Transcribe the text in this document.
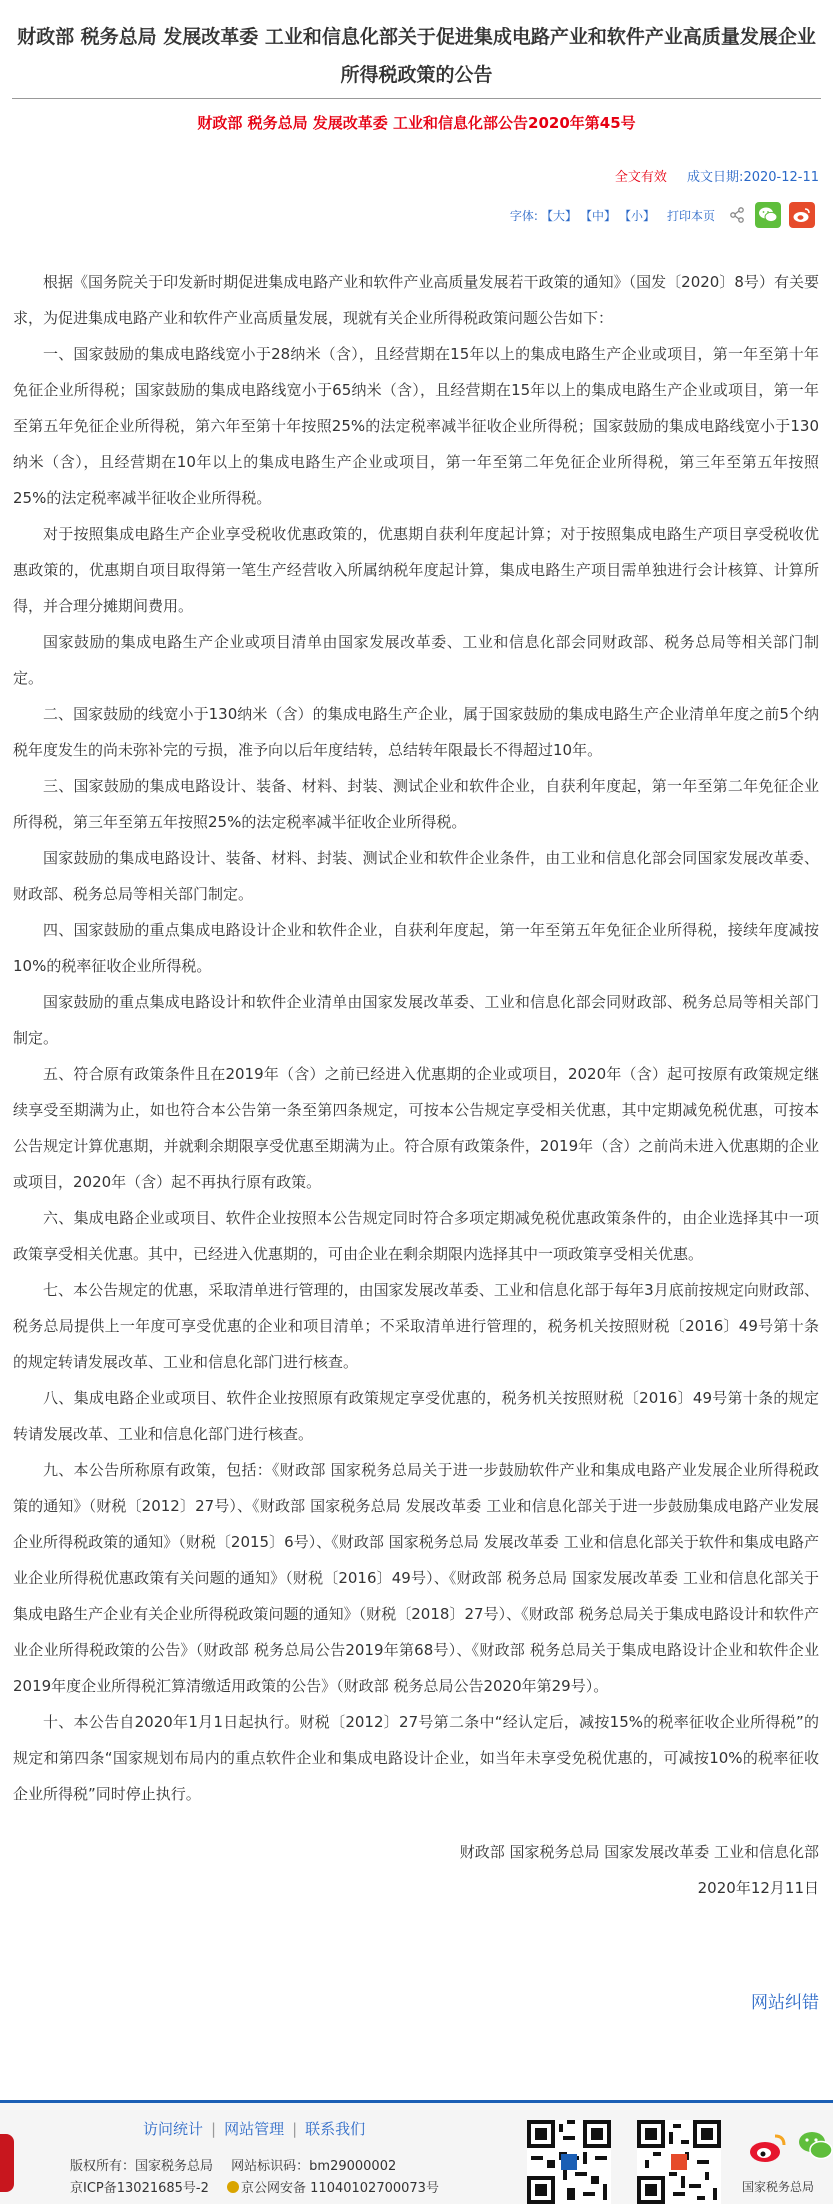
财政部 税务总局 发展改革委 工业和信息化部关于促进集成电路产业和软件产业高质量发展企业所得税政策的公告
财政部 税务总局 发展改革委 工业和信息化部公告2020年第45号
全文有效 成文日期:2020-12-11
字体: 【大】 【中】 【小】 打印本页

根据《国务院关于印发新时期促进集成电路产业和软件产业高质量发展若干政策的通知》（国发〔2020〕8号）有关要求，为促进集成电路产业和软件产业高质量发展，现就有关企业所得税政策问题公告如下：

一、国家鼓励的集成电路线宽小于28纳米（含），且经营期在15年以上的集成电路生产企业或项目，第一年至第十年免征企业所得税；国家鼓励的集成电路线宽小于65纳米（含），且经营期在15年以上的集成电路生产企业或项目，第一年至第五年免征企业所得税，第六年至第十年按照25%的法定税率减半征收企业所得税；国家鼓励的集成电路线宽小于130纳米（含），且经营期在10年以上的集成电路生产企业或项目，第一年至第二年免征企业所得税，第三年至第五年按照25%的法定税率减半征收企业所得税。

对于按照集成电路生产企业享受税收优惠政策的，优惠期自获利年度起计算；对于按照集成电路生产项目享受税收优惠政策的，优惠期自项目取得第一笔生产经营收入所属纳税年度起计算，集成电路生产项目需单独进行会计核算、计算所得，并合理分摊期间费用。

国家鼓励的集成电路生产企业或项目清单由国家发展改革委、工业和信息化部会同财政部、税务总局等相关部门制定。

二、国家鼓励的线宽小于130纳米（含）的集成电路生产企业，属于国家鼓励的集成电路生产企业清单年度之前5个纳税年度发生的尚未弥补完的亏损，准予向以后年度结转，总结转年限最长不得超过10年。

三、国家鼓励的集成电路设计、装备、材料、封装、测试企业和软件企业，自获利年度起，第一年至第二年免征企业所得税，第三年至第五年按照25%的法定税率减半征收企业所得税。

国家鼓励的集成电路设计、装备、材料、封装、测试企业和软件企业条件，由工业和信息化部会同国家发展改革委、财政部、税务总局等相关部门制定。

四、国家鼓励的重点集成电路设计企业和软件企业，自获利年度起，第一年至第五年免征企业所得税，接续年度减按10%的税率征收企业所得税。

国家鼓励的重点集成电路设计和软件企业清单由国家发展改革委、工业和信息化部会同财政部、税务总局等相关部门制定。

五、符合原有政策条件且在2019年（含）之前已经进入优惠期的企业或项目，2020年（含）起可按原有政策规定继续享受至期满为止，如也符合本公告第一条至第四条规定，可按本公告规定享受相关优惠，其中定期减免税优惠，可按本公告规定计算优惠期，并就剩余期限享受优惠至期满为止。符合原有政策条件，2019年（含）之前尚未进入优惠期的企业或项目，2020年（含）起不再执行原有政策。

六、集成电路企业或项目、软件企业按照本公告规定同时符合多项定期减免税优惠政策条件的，由企业选择其中一项政策享受相关优惠。其中，已经进入优惠期的，可由企业在剩余期限内选择其中一项政策享受相关优惠。

七、本公告规定的优惠，采取清单进行管理的，由国家发展改革委、工业和信息化部于每年3月底前按规定向财政部、税务总局提供上一年度可享受优惠的企业和项目清单；不采取清单进行管理的，税务机关按照财税〔2016〕49号第十条的规定转请发展改革、工业和信息化部门进行核查。

八、集成电路企业或项目、软件企业按照原有政策规定享受优惠的，税务机关按照财税〔2016〕49号第十条的规定转请发展改革、工业和信息化部门进行核查。

九、本公告所称原有政策，包括：《财政部 国家税务总局关于进一步鼓励软件产业和集成电路产业发展企业所得税政策的通知》（财税〔2012〕27号）、《财政部 国家税务总局 发展改革委 工业和信息化部关于进一步鼓励集成电路产业发展企业所得税政策的通知》（财税〔2015〕6号）、《财政部 国家税务总局 发展改革委 工业和信息化部关于软件和集成电路产业企业所得税优惠政策有关问题的通知》（财税〔2016〕49号）、《财政部 税务总局 国家发展改革委 工业和信息化部关于集成电路生产企业有关企业所得税政策问题的通知》（财税〔2018〕27号）、《财政部 税务总局关于集成电路设计和软件产业企业所得税政策的公告》（财政部 税务总局公告2019年第68号）、《财政部 税务总局关于集成电路设计企业和软件企业2019年度企业所得税汇算清缴适用政策的公告》（财政部 税务总局公告2020年第29号）。

十、本公告自2020年1月1日起执行。财税〔2012〕27号第二条中“经认定后，减按15%的税率征收企业所得税”的规定和第四条“国家规划布局内的重点软件企业和集成电路设计企业，如当年未享受免税优惠的，可减按10%的税率征收企业所得税”同时停止执行。

财政部 国家税务总局 国家发展改革委 工业和信息化部
2020年12月11日
网站纠错
访问统计 | 网站管理 | 联系我们
版权所有：国家税务总局 网站标识码：bm29000002
京ICP备13021685号-2 京公网安备 11040102700073号	国家税务总局
